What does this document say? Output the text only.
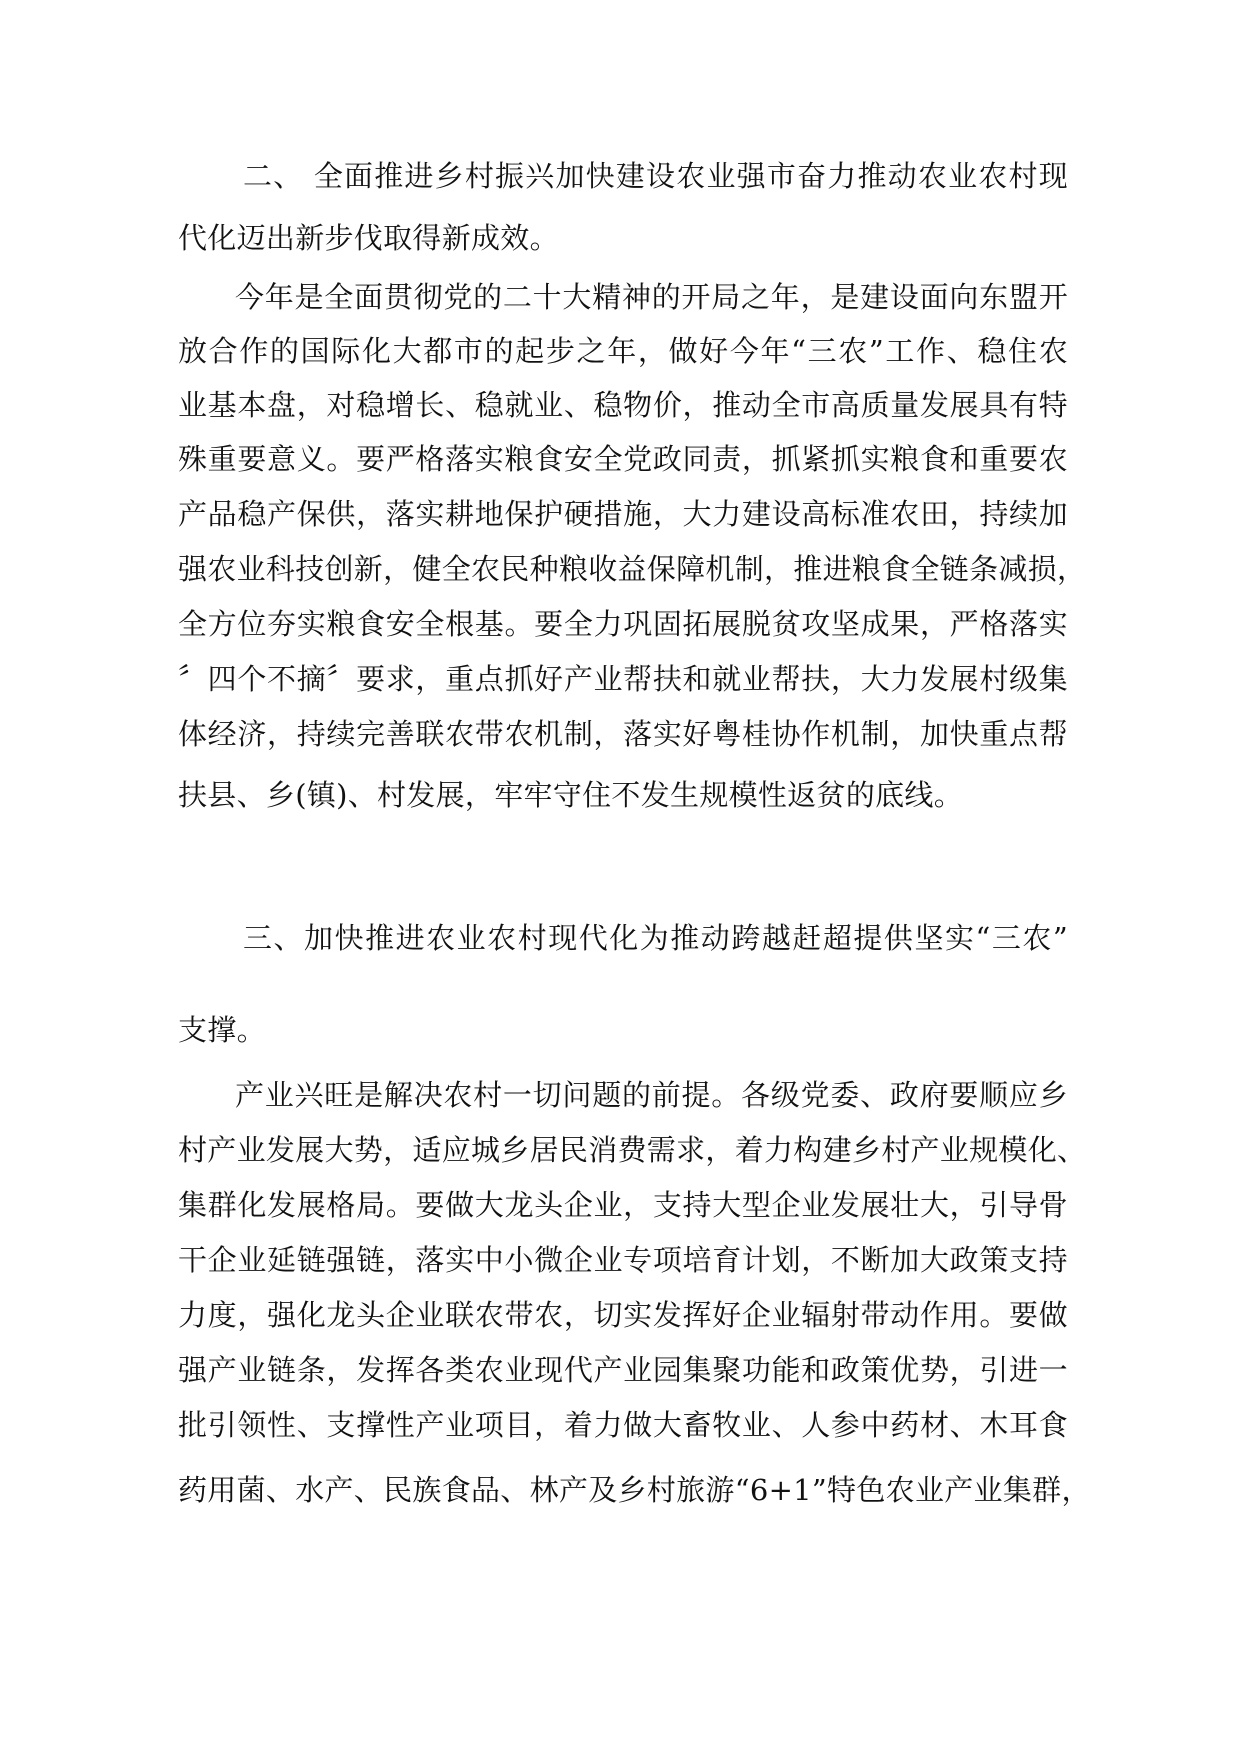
二、 全面推进乡村振兴加快建设农业强市奋力推动农业农村现
代化迈出新步伐取得新成效。
今年是全面贯彻党的二十大精神的开局之年，是建设面向东盟开
放合作的国际化大都市的起步之年，做好今年“三农”工作、稳住农
业基本盘，对稳增长、稳就业、稳物价，推动全市高质量发展具有特
殊重要意义。要严格落实粮食安全党政同责，抓紧抓实粮食和重要农
产品稳产保供，落实耕地保护硬措施，大力建设高标准农田，持续加
强农业科技创新，健全农民种粮收益保障机制，推进粮食全链条减损，
全方位夯实粮食安全根基。要全力巩固拓展脱贫攻坚成果，严格落实
〞四个不摘〞要求，重点抓好产业帮扶和就业帮扶，大力发展村级集
体经济，持续完善联农带农机制，落实好粤桂协作机制，加快重点帮
扶县、乡(镇)、村发展，牢牢守住不发生规模性返贫的底线。
三、加快推进农业农村现代化为推动跨越赶超提供坚实“三农”
支撑。
产业兴旺是解决农村一切问题的前提。各级党委、政府要顺应乡
村产业发展大势，适应城乡居民消费需求，着力构建乡村产业规模化、
集群化发展格局。要做大龙头企业，支持大型企业发展壮大，引导骨
干企业延链强链，落实中小微企业专项培育计划，不断加大政策支持
力度，强化龙头企业联农带农，切实发挥好企业辐射带动作用。要做
强产业链条，发挥各类农业现代产业园集聚功能和政策优势，引进一
批引领性、支撑性产业项目，着力做大畜牧业、人参中药材、木耳食
药用菌、水产、民族食品、林产及乡村旅游“6+1”特色农业产业集群，
